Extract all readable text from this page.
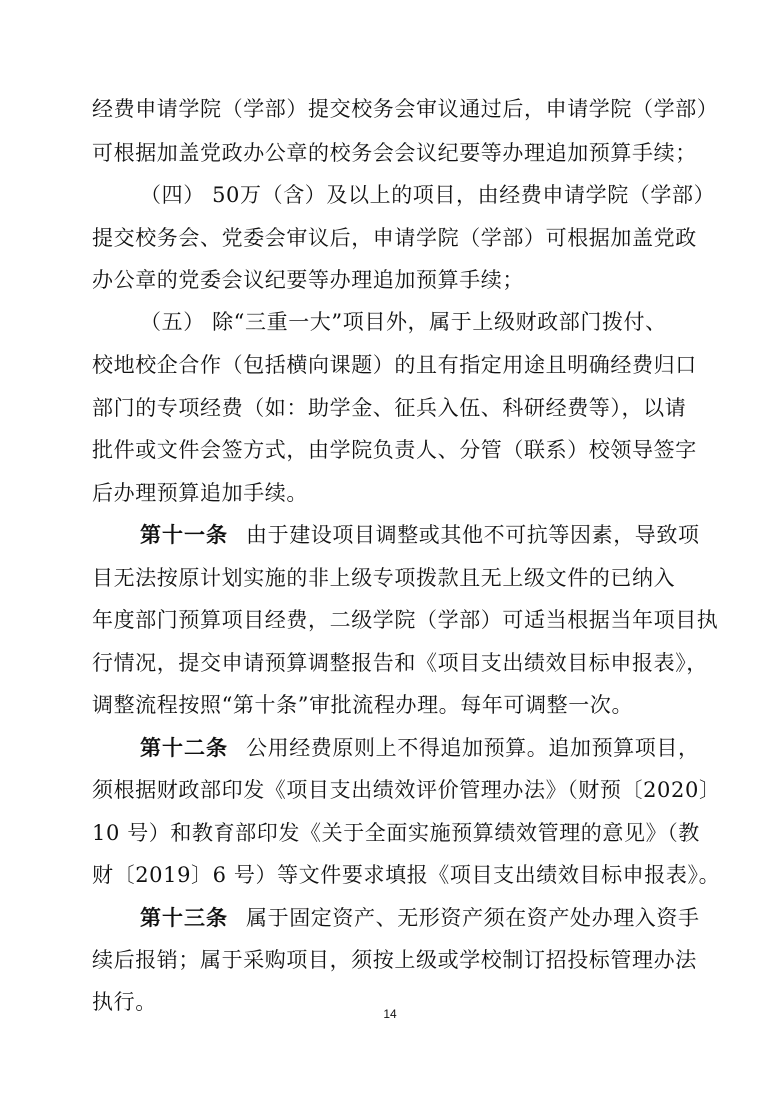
经费申请学院（学部）提交校务会审议通过后，申请学院（学部）
可根据加盖党政办公章的校务会会议纪要等办理追加预算手续；
（四） 50万（含）及以上的项目，由经费申请学院（学部）
提交校务会、党委会审议后，申请学院（学部）可根据加盖党政
办公章的党委会议纪要等办理追加预算手续；
（五） 除“三重一大”项目外，属于上级财政部门拨付、
校地校企合作（包括横向课题）的且有指定用途且明确经费归口
部门的专项经费（如：助学金、征兵入伍、科研经费等），以请
批件或文件会签方式，由学院负责人、分管（联系）校领导签字
后办理预算追加手续。
第十一条 由于建设项目调整或其他不可抗等因素，导致项
目无法按原计划实施的非上级专项拨款且无上级文件的已纳入
年度部门预算项目经费，二级学院（学部）可适当根据当年项目执
行情况，提交申请预算调整报告和《项目支出绩效目标申报表》，
调整流程按照“第十条”审批流程办理。每年可调整一次。
第十二条 公用经费原则上不得追加预算。追加预算项目，
须根据财政部印发《项目支出绩效评价管理办法》（财预〔2020〕
10 号）和教育部印发《关于全面实施预算绩效管理的意见》（教
财〔2019〕6 号）等文件要求填报《项目支出绩效目标申报表》。
第十三条 属于固定资产、无形资产须在资产处办理入资手
续后报销；属于采购项目，须按上级或学校制订招投标管理办法
执行。	14
